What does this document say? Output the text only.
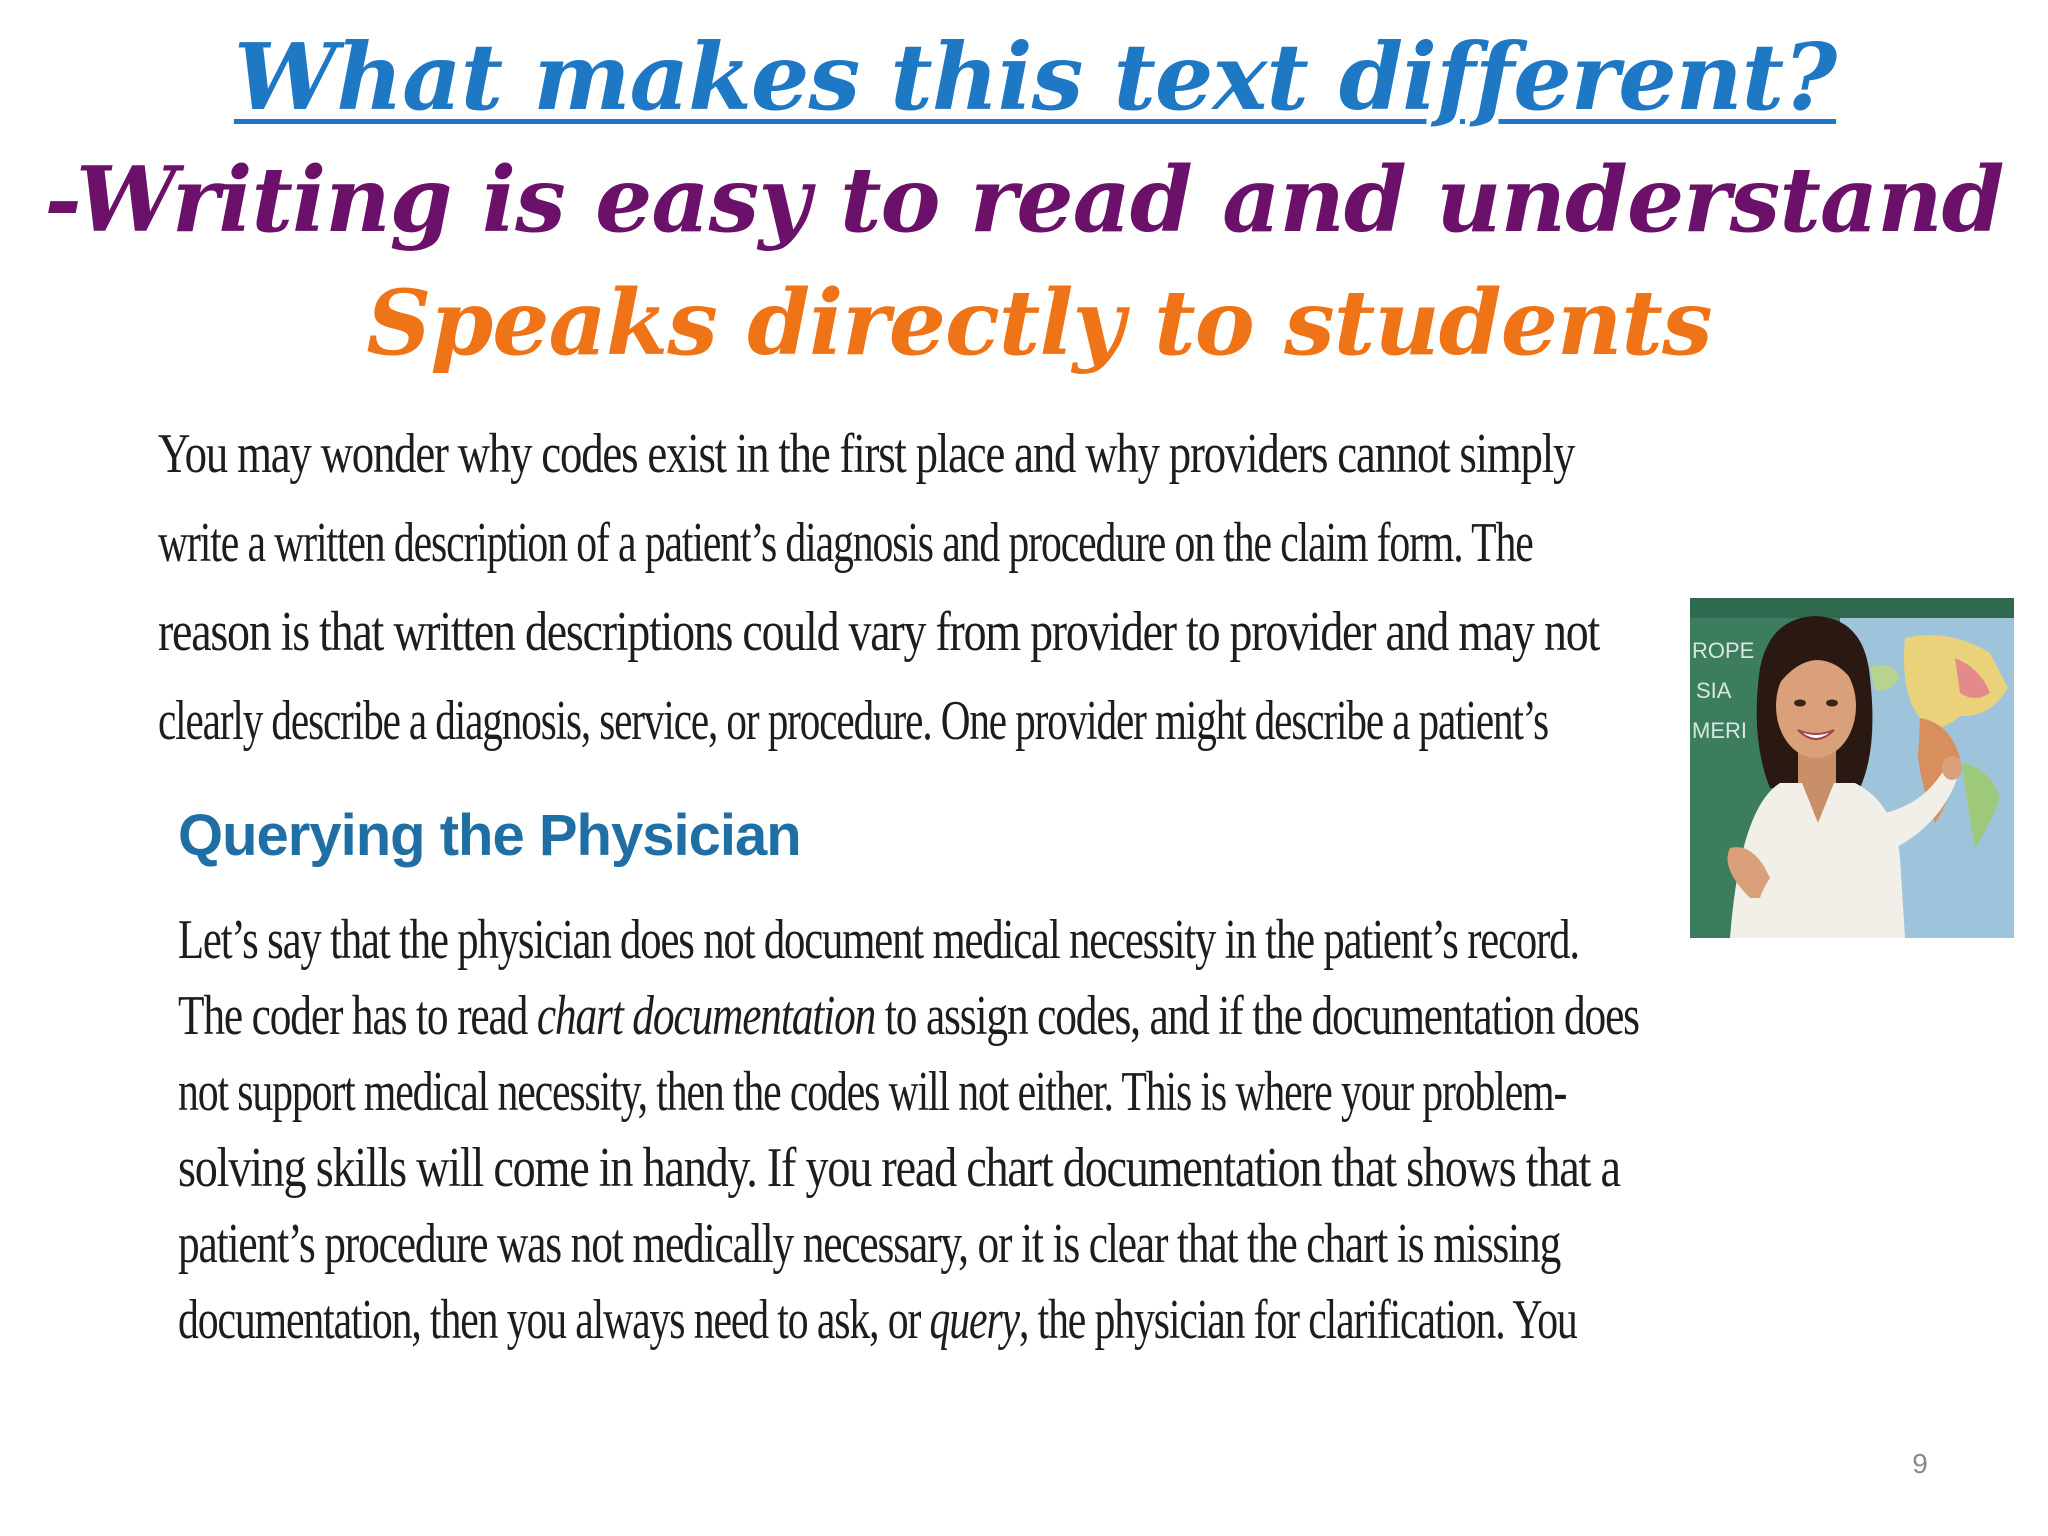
What makes this text different?
-Writing is easy to read and understand
Speaks directly to students
You may wonder why codes exist in the first place and why providers cannot simply
write a written description of a patient’s diagnosis and procedure on the claim form. The
reason is that written descriptions could vary from provider to provider and may not
clearly describe a diagnosis, service, or procedure. One provider might describe a patient’s
Querying the Physician
Let’s say that the physician does not document medical necessity in the patient’s record.
The coder has to read chart documentation to assign codes, and if the documentation does
not support medical necessity, then the codes will not either. This is where your problem-
solving skills will come in handy. If you read chart documentation that shows that a
patient’s procedure was not medically necessary, or it is clear that the chart is missing
documentation, then you always need to ask, or query, the physician for clarification. You
ROPE
SIA
MERI
9
